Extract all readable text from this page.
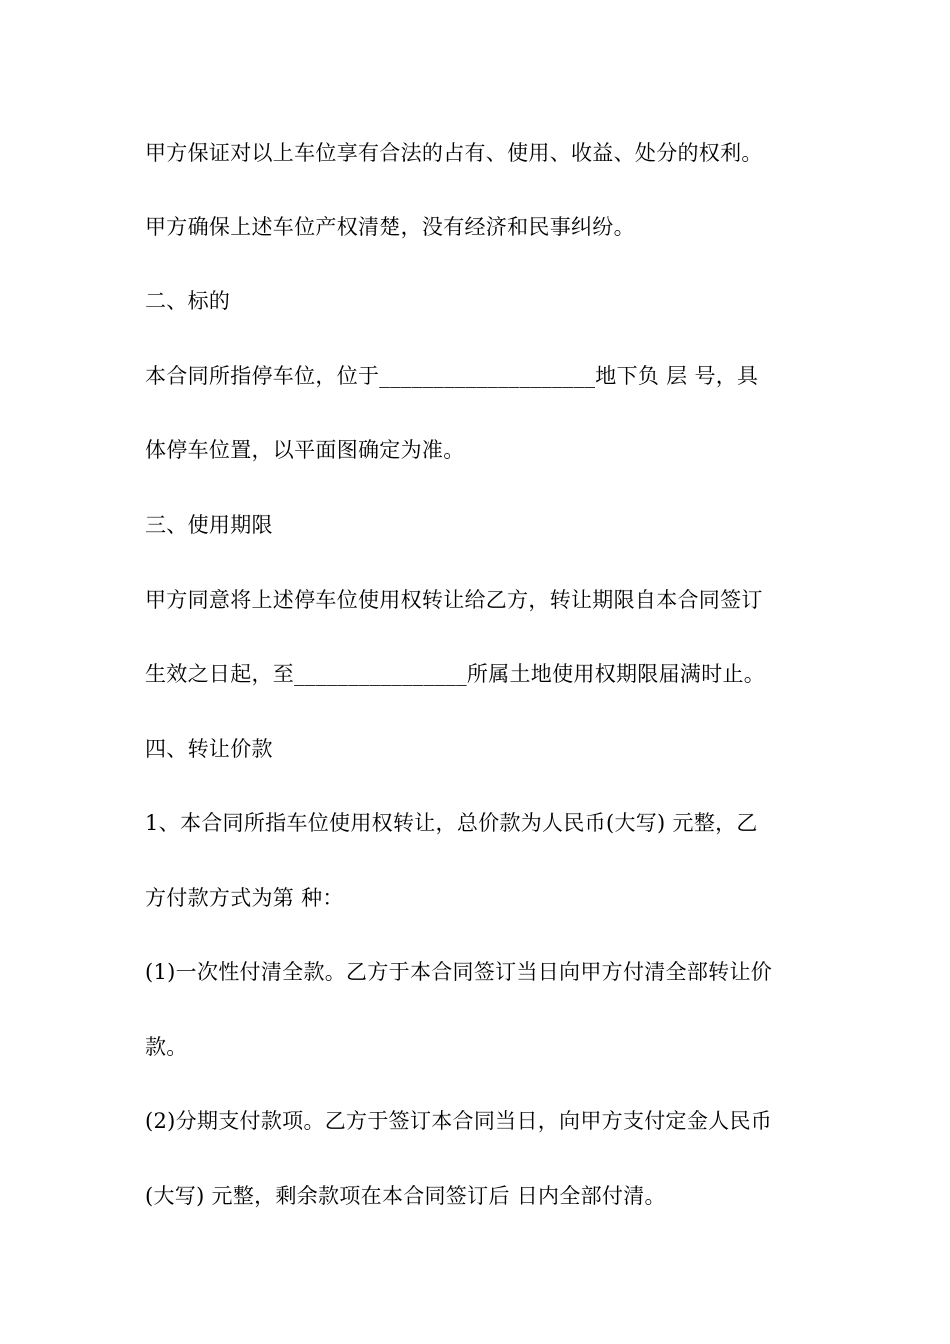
甲方保证对以上车位享有合法的占有、使用、收益、处分的权利。
甲方确保上述车位产权清楚，没有经济和民事纠纷。
二、标的
本合同所指停车位，位于____________________地下负 层 号，具
体停车位置，以平面图确定为准。
三、使用期限
甲方同意将上述停车位使用权转让给乙方，转让期限自本合同签订
生效之日起，至________________所属土地使用权期限届满时止。
四、转让价款
1、本合同所指车位使用权转让，总价款为人民币(大写) 元整，乙
方付款方式为第 种：
(1)一次性付清全款。乙方于本合同签订当日向甲方付清全部转让价
款。
(2)分期支付款项。乙方于签订本合同当日，向甲方支付定金人民币
(大写) 元整，剩余款项在本合同签订后 日内全部付清。
